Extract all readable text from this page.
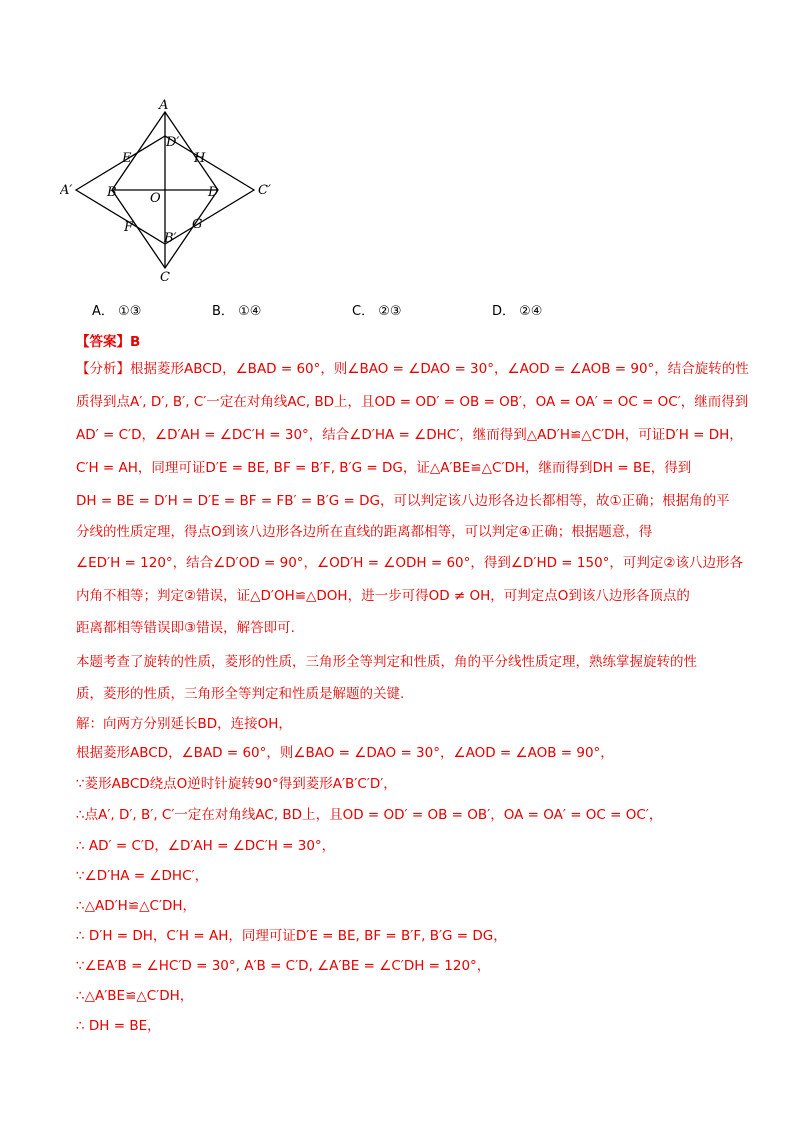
A
D′
E	H
A′	B	O	D	C′
F	G
B′
C
A． ①③	B． ①④	C． ②③	D． ②④
【答案】B
【分析】根据菱形ABCD，∠BAD = 60°，则∠BAO = ∠DAO = 30°，∠AOD = ∠AOB = 90°，结合旋转的性
质得到点A′, D′, B′, C′一定在对角线AC, BD上，且OD = OD′ = OB = OB′，OA = OA′ = OC = OC′，继而得到
AD′ = C′D，∠D′AH = ∠DC′H = 30°，结合∠D′HA = ∠DHC′，继而得到△AD′H≌△C′DH，可证D′H = DH，
C′H = AH，同理可证D′E = BE, BF = B′F, B′G = DG，证△A′BE≌△C′DH，继而得到DH = BE，得到
DH = BE = D′H = D′E = BF = FB′ = B′G = DG，可以判定该八边形各边长都相等，故①正确；根据角的平
分线的性质定理，得点O到该八边形各边所在直线的距离都相等，可以判定④正确；根据题意，得
∠ED′H = 120°，结合∠D′OD = 90°，∠OD′H = ∠ODH = 60°，得到∠D′HD = 150°，可判定②该八边形各
内角不相等；判定②错误，证△D′OH≌△DOH，进一步可得OD ≠ OH，可判定点O到该八边形各顶点的
距离都相等错误即③错误，解答即可.
本题考查了旋转的性质，菱形的性质，三角形全等判定和性质，角的平分线性质定理，熟练掌握旋转的性
质，菱形的性质，三角形全等判定和性质是解题的关键.
解：向两方分别延长BD，连接OH，
根据菱形ABCD，∠BAD = 60°，则∠BAO = ∠DAO = 30°，∠AOD = ∠AOB = 90°，
∵菱形ABCD绕点O逆时针旋转90°得到菱形A′B′C′D′，
∴点A′, D′, B′, C′一定在对角线AC, BD上，且OD = OD′ = OB = OB′，OA = OA′ = OC = OC′，
∴ AD′ = C′D，∠D′AH = ∠DC′H = 30°，
∵∠D′HA = ∠DHC′，
∴△AD′H≌△C′DH，
∴ D′H = DH，C′H = AH，同理可证D′E = BE, BF = B′F, B′G = DG，
∵∠EA′B = ∠HC′D = 30°, A′B = C′D, ∠A′BE = ∠C′DH = 120°，
∴△A′BE≌△C′DH，
∴ DH = BE，
